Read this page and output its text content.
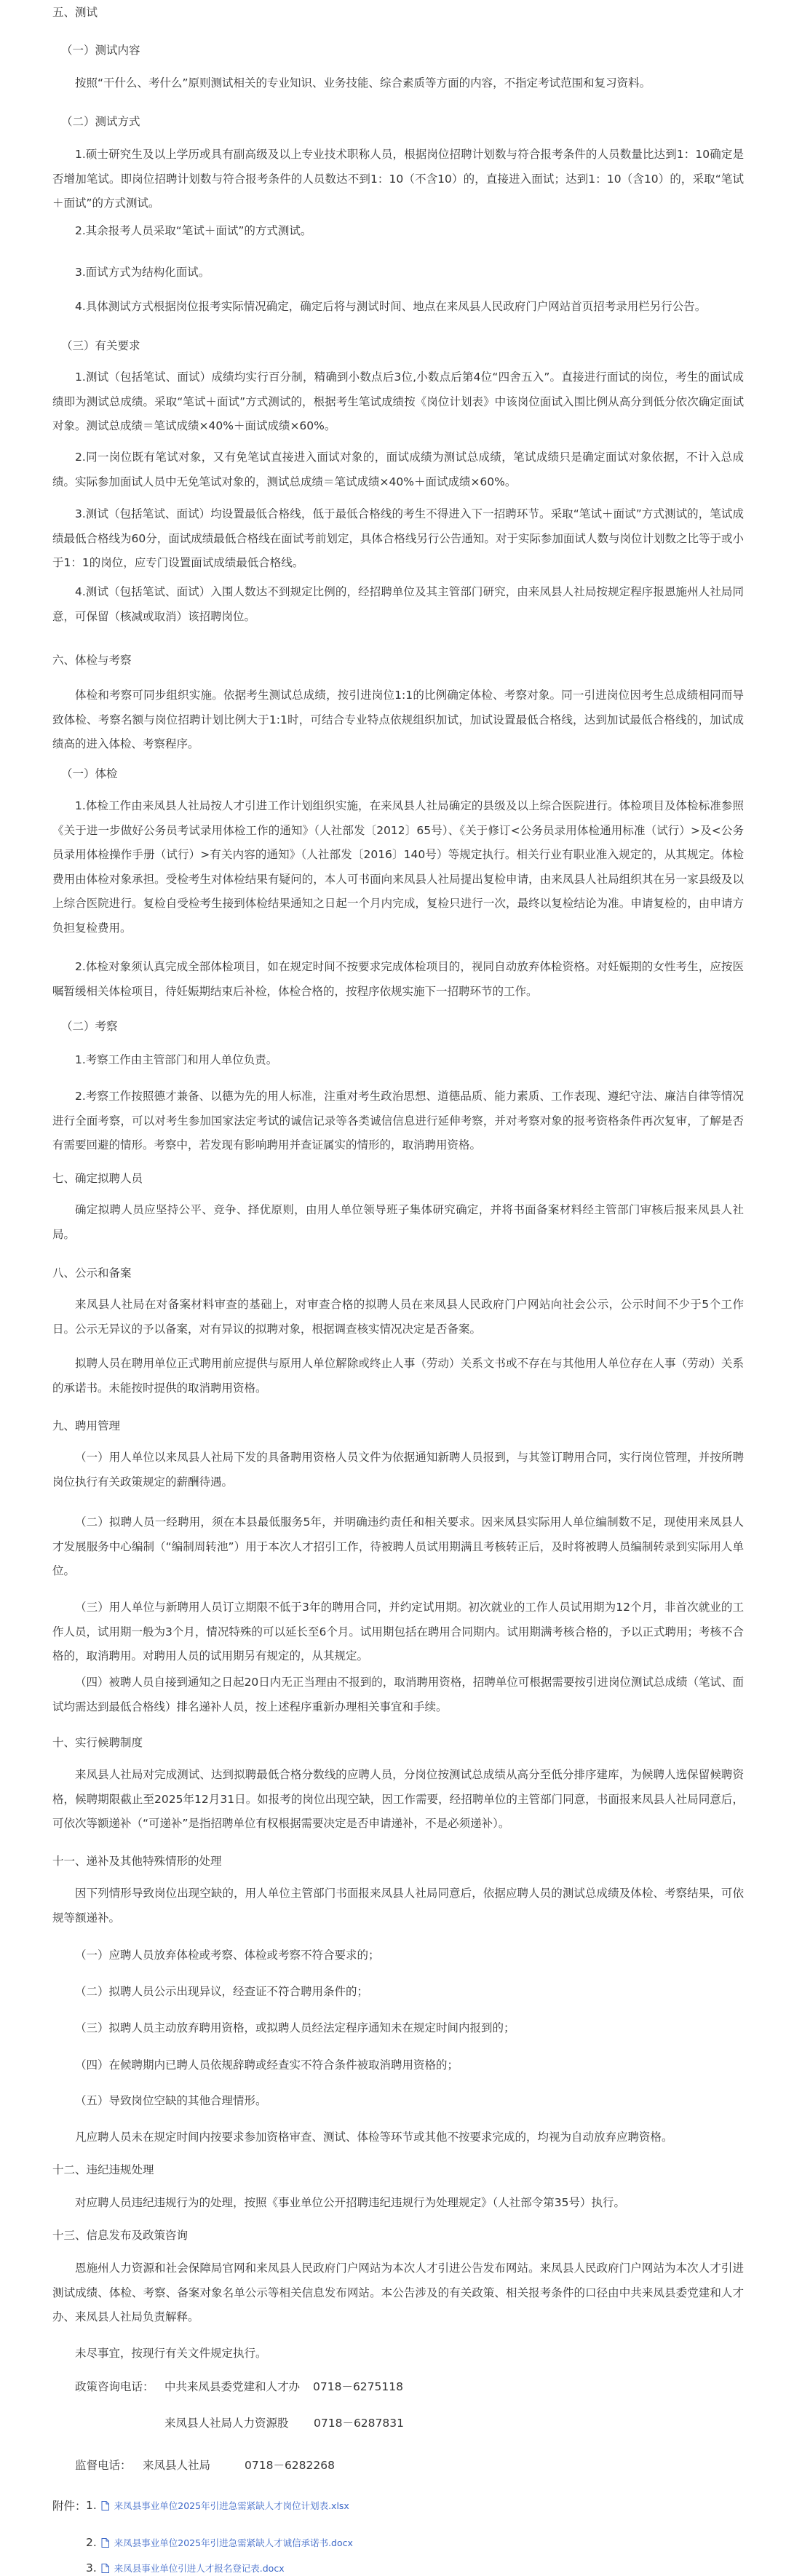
五、测试
（一）测试内容

按照“干什么、考什么”原则测试相关的专业知识、业务技能、综合素质等方面的内容，不指定考试范围和复习资料。

（二）测试方式

1.硕士研究生及以上学历或具有副高级及以上专业技术职称人员，根据岗位招聘计划数与符合报考条件的人员数量比达到1：10确定是否增加笔试。即岗位招聘计划数与符合报考条件的人员数达不到1：10（不含10）的，直接进入面试；达到1：10（含10）的，采取“笔试＋面试”的方式测试。

2.其余报考人员采取“笔试＋面试”的方式测试。

3.面试方式为结构化面试。

4.具体测试方式根据岗位报考实际情况确定，确定后将与测试时间、地点在来凤县人民政府门户网站首页招考录用栏另行公告。

（三）有关要求

1.测试（包括笔试、面试）成绩均实行百分制，精确到小数点后3位,小数点后第4位“四舍五入”。直接进行面试的岗位，考生的面试成绩即为测试总成绩。采取“笔试＋面试”方式测试的，根据考生笔试成绩按《岗位计划表》中该岗位面试入围比例从高分到低分依次确定面试对象。测试总成绩＝笔试成绩×40%＋面试成绩×60%。

2.同一岗位既有笔试对象，又有免笔试直接进入面试对象的，面试成绩为测试总成绩，笔试成绩只是确定面试对象依据，不计入总成绩。实际参加面试人员中无免笔试对象的，测试总成绩＝笔试成绩×40%＋面试成绩×60%。

3.测试（包括笔试、面试）均设置最低合格线，低于最低合格线的考生不得进入下一招聘环节。采取“笔试＋面试”方式测试的，笔试成绩最低合格线为60分，面试成绩最低合格线在面试考前划定，具体合格线另行公告通知。对于实际参加面试人数与岗位计划数之比等于或小于1：1的岗位，应专门设置面试成绩最低合格线。

4.测试（包括笔试、面试）入围人数达不到规定比例的，经招聘单位及其主管部门研究，由来凤县人社局按规定程序报恩施州人社局同意，可保留（核减或取消）该招聘岗位。

六、体检与考察

体检和考察可同步组织实施。依据考生测试总成绩，按引进岗位1:1的比例确定体检、考察对象。同一引进岗位因考生总成绩相同而导致体检、考察名额与岗位招聘计划比例大于1:1时，可结合专业特点依规组织加试，加试设置最低合格线，达到加试最低合格线的，加试成绩高的进入体检、考察程序。

（一）体检

1.体检工作由来凤县人社局按人才引进工作计划组织实施，在来凤县人社局确定的县级及以上综合医院进行。体检项目及体检标准参照《关于进一步做好公务员考试录用体检工作的通知》（人社部发〔2012〕65号）、《关于修订<公务员录用体检通用标准（试行）>及<公务员录用体检操作手册（试行）>有关内容的通知》（人社部发〔2016〕140号）等规定执行。相关行业有职业准入规定的，从其规定。体检费用由体检对象承担。受检考生对体检结果有疑问的，本人可书面向来凤县人社局提出复检申请，由来凤县人社局组织其在另一家县级及以上综合医院进行。复检自受检考生接到体检结果通知之日起一个月内完成，复检只进行一次，最终以复检结论为准。申请复检的，由申请方负担复检费用。

2.体检对象须认真完成全部体检项目，如在规定时间不按要求完成体检项目的，视同自动放弃体检资格。对妊娠期的女性考生，应按医嘱暂缓相关体检项目，待妊娠期结束后补检，体检合格的，按程序依规实施下一招聘环节的工作。

（二）考察

1.考察工作由主管部门和用人单位负责。

2.考察工作按照德才兼备、以德为先的用人标准，注重对考生政治思想、道德品质、能力素质、工作表现、遵纪守法、廉洁自律等情况进行全面考察，可以对考生参加国家法定考试的诚信记录等各类诚信信息进行延伸考察，并对考察对象的报考资格条件再次复审，了解是否有需要回避的情形。考察中，若发现有影响聘用并查证属实的情形的，取消聘用资格。

七、确定拟聘人员

确定拟聘人员应坚持公平、竞争、择优原则，由用人单位领导班子集体研究确定，并将书面备案材料经主管部门审核后报来凤县人社局。

八、公示和备案

来凤县人社局在对备案材料审查的基础上，对审查合格的拟聘人员在来凤县人民政府门户网站向社会公示，公示时间不少于5个工作日。公示无异议的予以备案，对有异议的拟聘对象，根据调查核实情况决定是否备案。

拟聘人员在聘用单位正式聘用前应提供与原用人单位解除或终止人事（劳动）关系文书或不存在与其他用人单位存在人事（劳动）关系的承诺书。未能按时提供的取消聘用资格。

九、聘用管理

（一）用人单位以来凤县人社局下发的具备聘用资格人员文件为依据通知新聘人员报到，与其签订聘用合同，实行岗位管理，并按所聘岗位执行有关政策规定的薪酬待遇。

（二）拟聘人员一经聘用，须在本县最低服务5年，并明确违约责任和相关要求。因来凤县实际用人单位编制数不足，现使用来凤县人才发展服务中心编制（“编制周转池”）用于本次人才招引工作，待被聘人员试用期满且考核转正后，及时将被聘人员编制转录到实际用人单位。

（三）用人单位与新聘用人员订立期限不低于3年的聘用合同，并约定试用期。初次就业的工作人员试用期为12个月，非首次就业的工作人员，试用期一般为3个月，情况特殊的可以延长至6个月。试用期包括在聘用合同期内。试用期满考核合格的，予以正式聘用；考核不合格的，取消聘用。对聘用人员的试用期另有规定的，从其规定。

（四）被聘人员自接到通知之日起20日内无正当理由不报到的，取消聘用资格，招聘单位可根据需要按引进岗位测试总成绩（笔试、面试均需达到最低合格线）排名递补人员，按上述程序重新办理相关事宜和手续。

十、实行候聘制度

来凤县人社局对完成测试、达到拟聘最低合格分数线的应聘人员，分岗位按测试总成绩从高分至低分排序建库，为候聘人选保留候聘资格，候聘期限截止至2025年12月31日。如报考的岗位出现空缺，因工作需要，经招聘单位的主管部门同意，书面报来凤县人社局同意后，可依次等额递补（“可递补”是指招聘单位有权根据需要决定是否申请递补，不是必须递补）。

十一、递补及其他特殊情形的处理

因下列情形导致岗位出现空缺的，用人单位主管部门书面报来凤县人社局同意后，依据应聘人员的测试总成绩及体检、考察结果，可依规等额递补。

（一）应聘人员放弃体检或考察、体检或考察不符合要求的；

（二）拟聘人员公示出现异议，经查证不符合聘用条件的；

（三）拟聘人员主动放弃聘用资格，或拟聘人员经法定程序通知未在规定时间内报到的；

（四）在候聘期内已聘人员依规辞聘或经查实不符合条件被取消聘用资格的；

（五）导致岗位空缺的其他合理情形。

凡应聘人员未在规定时间内按要求参加资格审查、测试、体检等环节或其他不按要求完成的，均视为自动放弃应聘资格。

十二、违纪违规处理

对应聘人员违纪违规行为的处理，按照《事业单位公开招聘违纪违规行为处理规定》（人社部令第35号）执行。

十三、信息发布及政策咨询

恩施州人力资源和社会保障局官网和来凤县人民政府门户网站为本次人才引进公告发布网站。来凤县人民政府门户网站为本次人才引进测试成绩、体检、考察、备案对象名单公示等相关信息发布网站。本公告涉及的有关政策、相关报考条件的口径由中共来凤县委党建和人才办、来凤县人社局负责解释。

未尽事宜，按现行有关文件规定执行。

政策咨询电话： 中共来凤县委党建和人才办 0718－6275118
来凤县人社局人力资源股 0718－6287831
监督电话： 来凤县人社局	0718－6282268
附件： 1. 来凤县事业单位2025年引进急需紧缺人才岗位计划表.xlsx
2. 来凤县事业单位2025年引进急需紧缺人才诚信承诺书.docx
3. 来凤县事业单位引进人才报名登记表.docx
